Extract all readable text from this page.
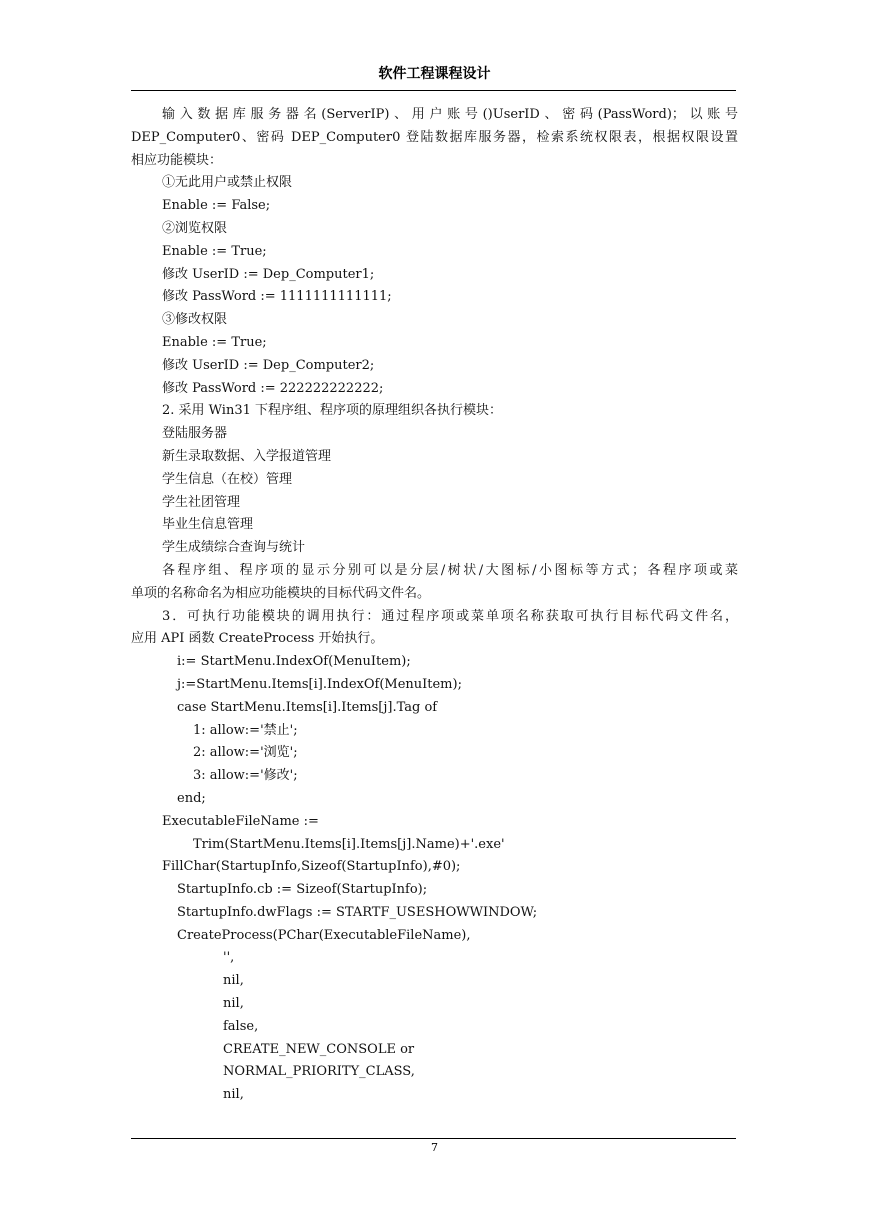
软件工程课程设计
输入数据库服务器名(ServerIP)、用户账号()UserID、密码(PassWord)；以账号
DEP_Computer0、密码 DEP_Computer0 登陆数据库服务器，检索系统权限表，根据权限设置
相应功能模块：
①无此用户或禁止权限
Enable := False;
②浏览权限
Enable := True;
修改 UserID := Dep_Computer1;
修改 PassWord := 1111111111111;
③修改权限
Enable := True;
修改 UserID := Dep_Computer2;
修改 PassWord := 222222222222;
2. 采用 Win31 下程序组、程序项的原理组织各执行模块：
登陆服务器
新生录取数据、入学报道管理
学生信息（在校）管理
学生社团管理
毕业生信息管理
学生成绩综合查询与统计
各程序组、程序项的显示分别可以是分层/树状/大图标/小图标等方式；各程序项或菜
单项的名称命名为相应功能模块的目标代码文件名。
3．可执行功能模块的调用执行：通过程序项或菜单项名称获取可执行目标代码文件名，
应用 API 函数 CreateProcess 开始执行。
i:= StartMenu.IndexOf(MenuItem);
j:=StartMenu.Items[i].IndexOf(MenuItem);
case StartMenu.Items[i].Items[j].Tag of
1: allow:='禁止';
2: allow:='浏览';
3: allow:='修改';
end;
ExecutableFileName :=
Trim(StartMenu.Items[i].Items[j].Name)+'.exe'
FillChar(StartupInfo,Sizeof(StartupInfo),#0);
StartupInfo.cb := Sizeof(StartupInfo);
StartupInfo.dwFlags := STARTF_USESHOWWINDOW;
CreateProcess(PChar(ExecutableFileName),
'',
nil,
nil,
false,
CREATE_NEW_CONSOLE or
NORMAL_PRIORITY_CLASS,
nil,
7
